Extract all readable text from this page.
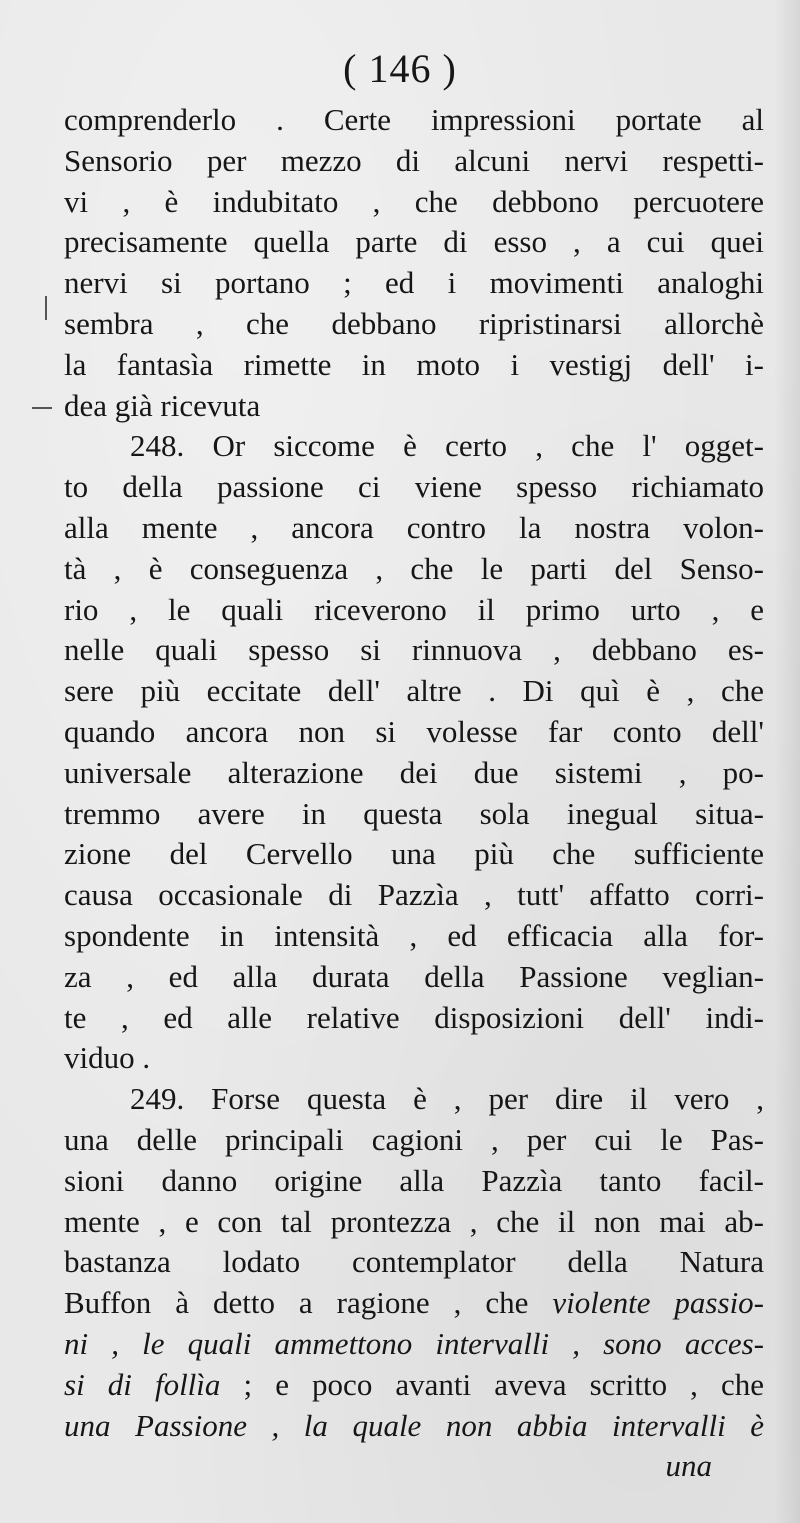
( 146 )
comprenderlo . Certe impressioni portate al
Sensorio per mezzo di alcuni nervi respetti-
vi , è indubitato , che debbono percuotere
precisamente quella parte di esso , a cui quei
nervi si portano ; ed i movimenti analoghi
sembra , che debbano ripristinarsi allorchè
la fantasìa rimette in moto i vestigj dell' i-
dea già ricevuta
248. Or siccome è certo , che l' ogget-
to della passione ci viene spesso richiamato
alla mente , ancora contro la nostra volon-
tà , è conseguenza , che le parti del Senso-
rio , le quali riceverono il primo urto , e
nelle quali spesso si rinnuova , debbano es-
sere più eccitate dell' altre . Di quì è , che
quando ancora non si volesse far conto dell'
universale alterazione dei due sistemi , po-
tremmo avere in questa sola inegual situa-
zione del Cervello una più che sufficiente
causa occasionale di Pazzìa , tutt' affatto corri-
spondente in intensità , ed efficacia alla for-
za , ed alla durata della Passione veglian-
te , ed alle relative disposizioni dell' indi-
viduo .
249. Forse questa è , per dire il vero ,
una delle principali cagioni , per cui le Pas-
sioni danno origine alla Pazzìa tanto facil-
mente , e con tal prontezza , che il non mai ab-
bastanza lodato contemplator della Natura
Buffon à detto a ragione , che violente passio-
ni , le quali ammettono intervalli , sono acces-
si di follìa ; e poco avanti aveva scritto , che
una Passione , la quale non abbia intervalli è
una
